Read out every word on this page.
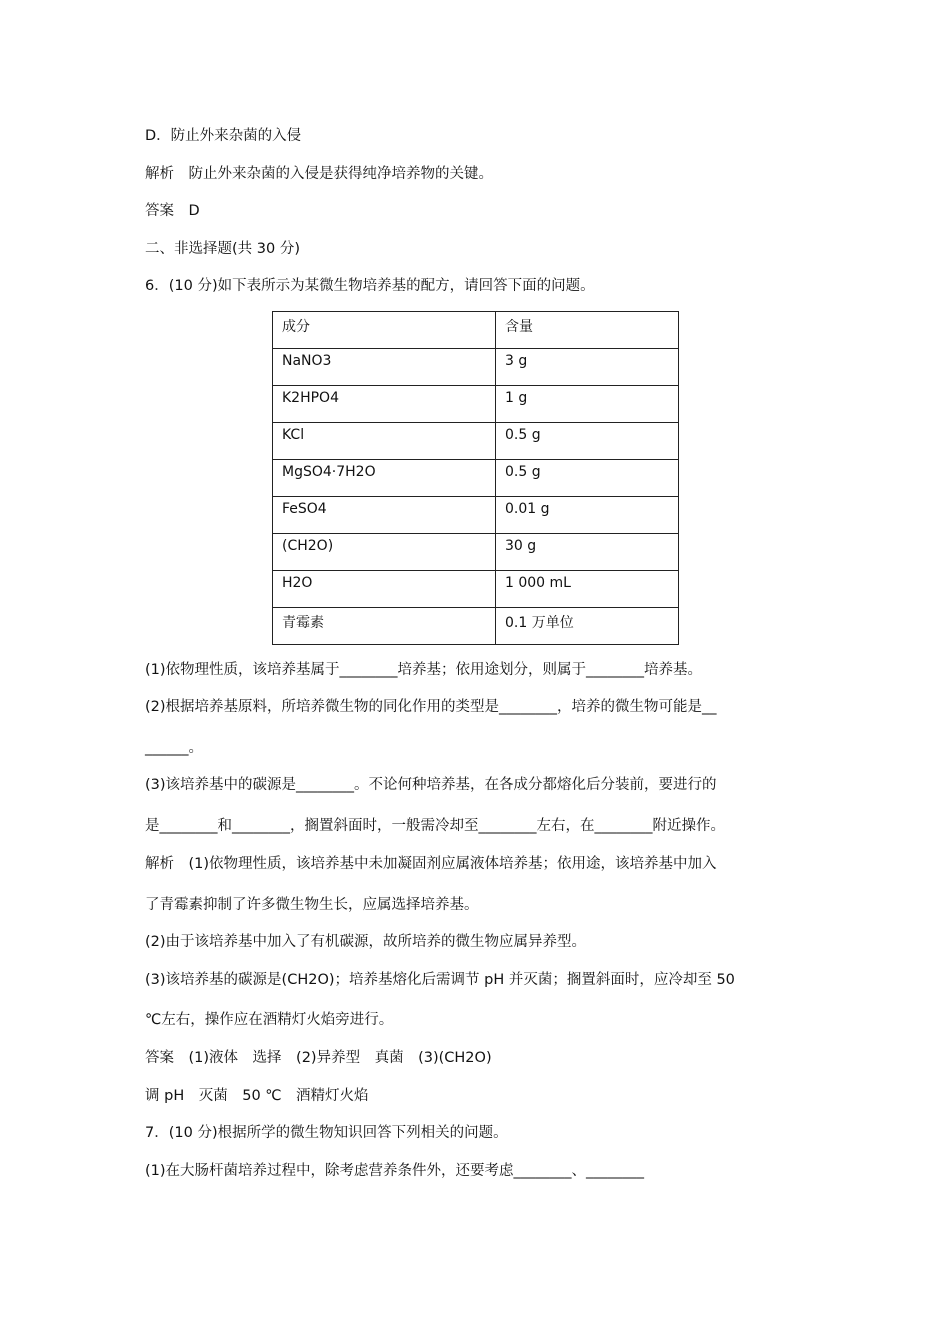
D．防止外来杂菌的入侵
解析　防止外来杂菌的入侵是获得纯净培养物的关键。
答案　D
二、非选择题(共 30 分)
6．(10 分)如下表所示为某微生物培养基的配方，请回答下面的问题。
成分	含量
NaNO3	3 g
K2HPO4	1 g
KCl	0.5 g
MgSO4·7H2O	0.5 g
FeSO4	0.01 g
(CH2O)	30 g
H2O	1 000 mL
青霉素	0.1 万单位
(1)依物理性质，该培养基属于________培养基；依用途划分，则属于________培养基。
(2)根据培养基原料，所培养微生物的同化作用的类型是________，培养的微生物可能是__
______。
(3)该培养基中的碳源是________。不论何种培养基，在各成分都熔化后分装前，要进行的
是________和________，搁置斜面时，一般需冷却至________左右，在________附近操作。
解析　(1)依物理性质，该培养基中未加凝固剂应属液体培养基；依用途，该培养基中加入
了青霉素抑制了许多微生物生长，应属选择培养基。
(2)由于该培养基中加入了有机碳源，故所培养的微生物应属异养型。
(3)该培养基的碳源是(CH2O)；培养基熔化后需调节 pH 并灭菌；搁置斜面时，应冷却至 50
℃左右，操作应在酒精灯火焰旁进行。
答案　(1)液体　选择　(2)异养型　真菌　(3)(CH2O)
调 pH　灭菌　50 ℃　酒精灯火焰
7．(10 分)根据所学的微生物知识回答下列相关的问题。
(1)在大肠杆菌培养过程中，除考虑营养条件外，还要考虑________、________
